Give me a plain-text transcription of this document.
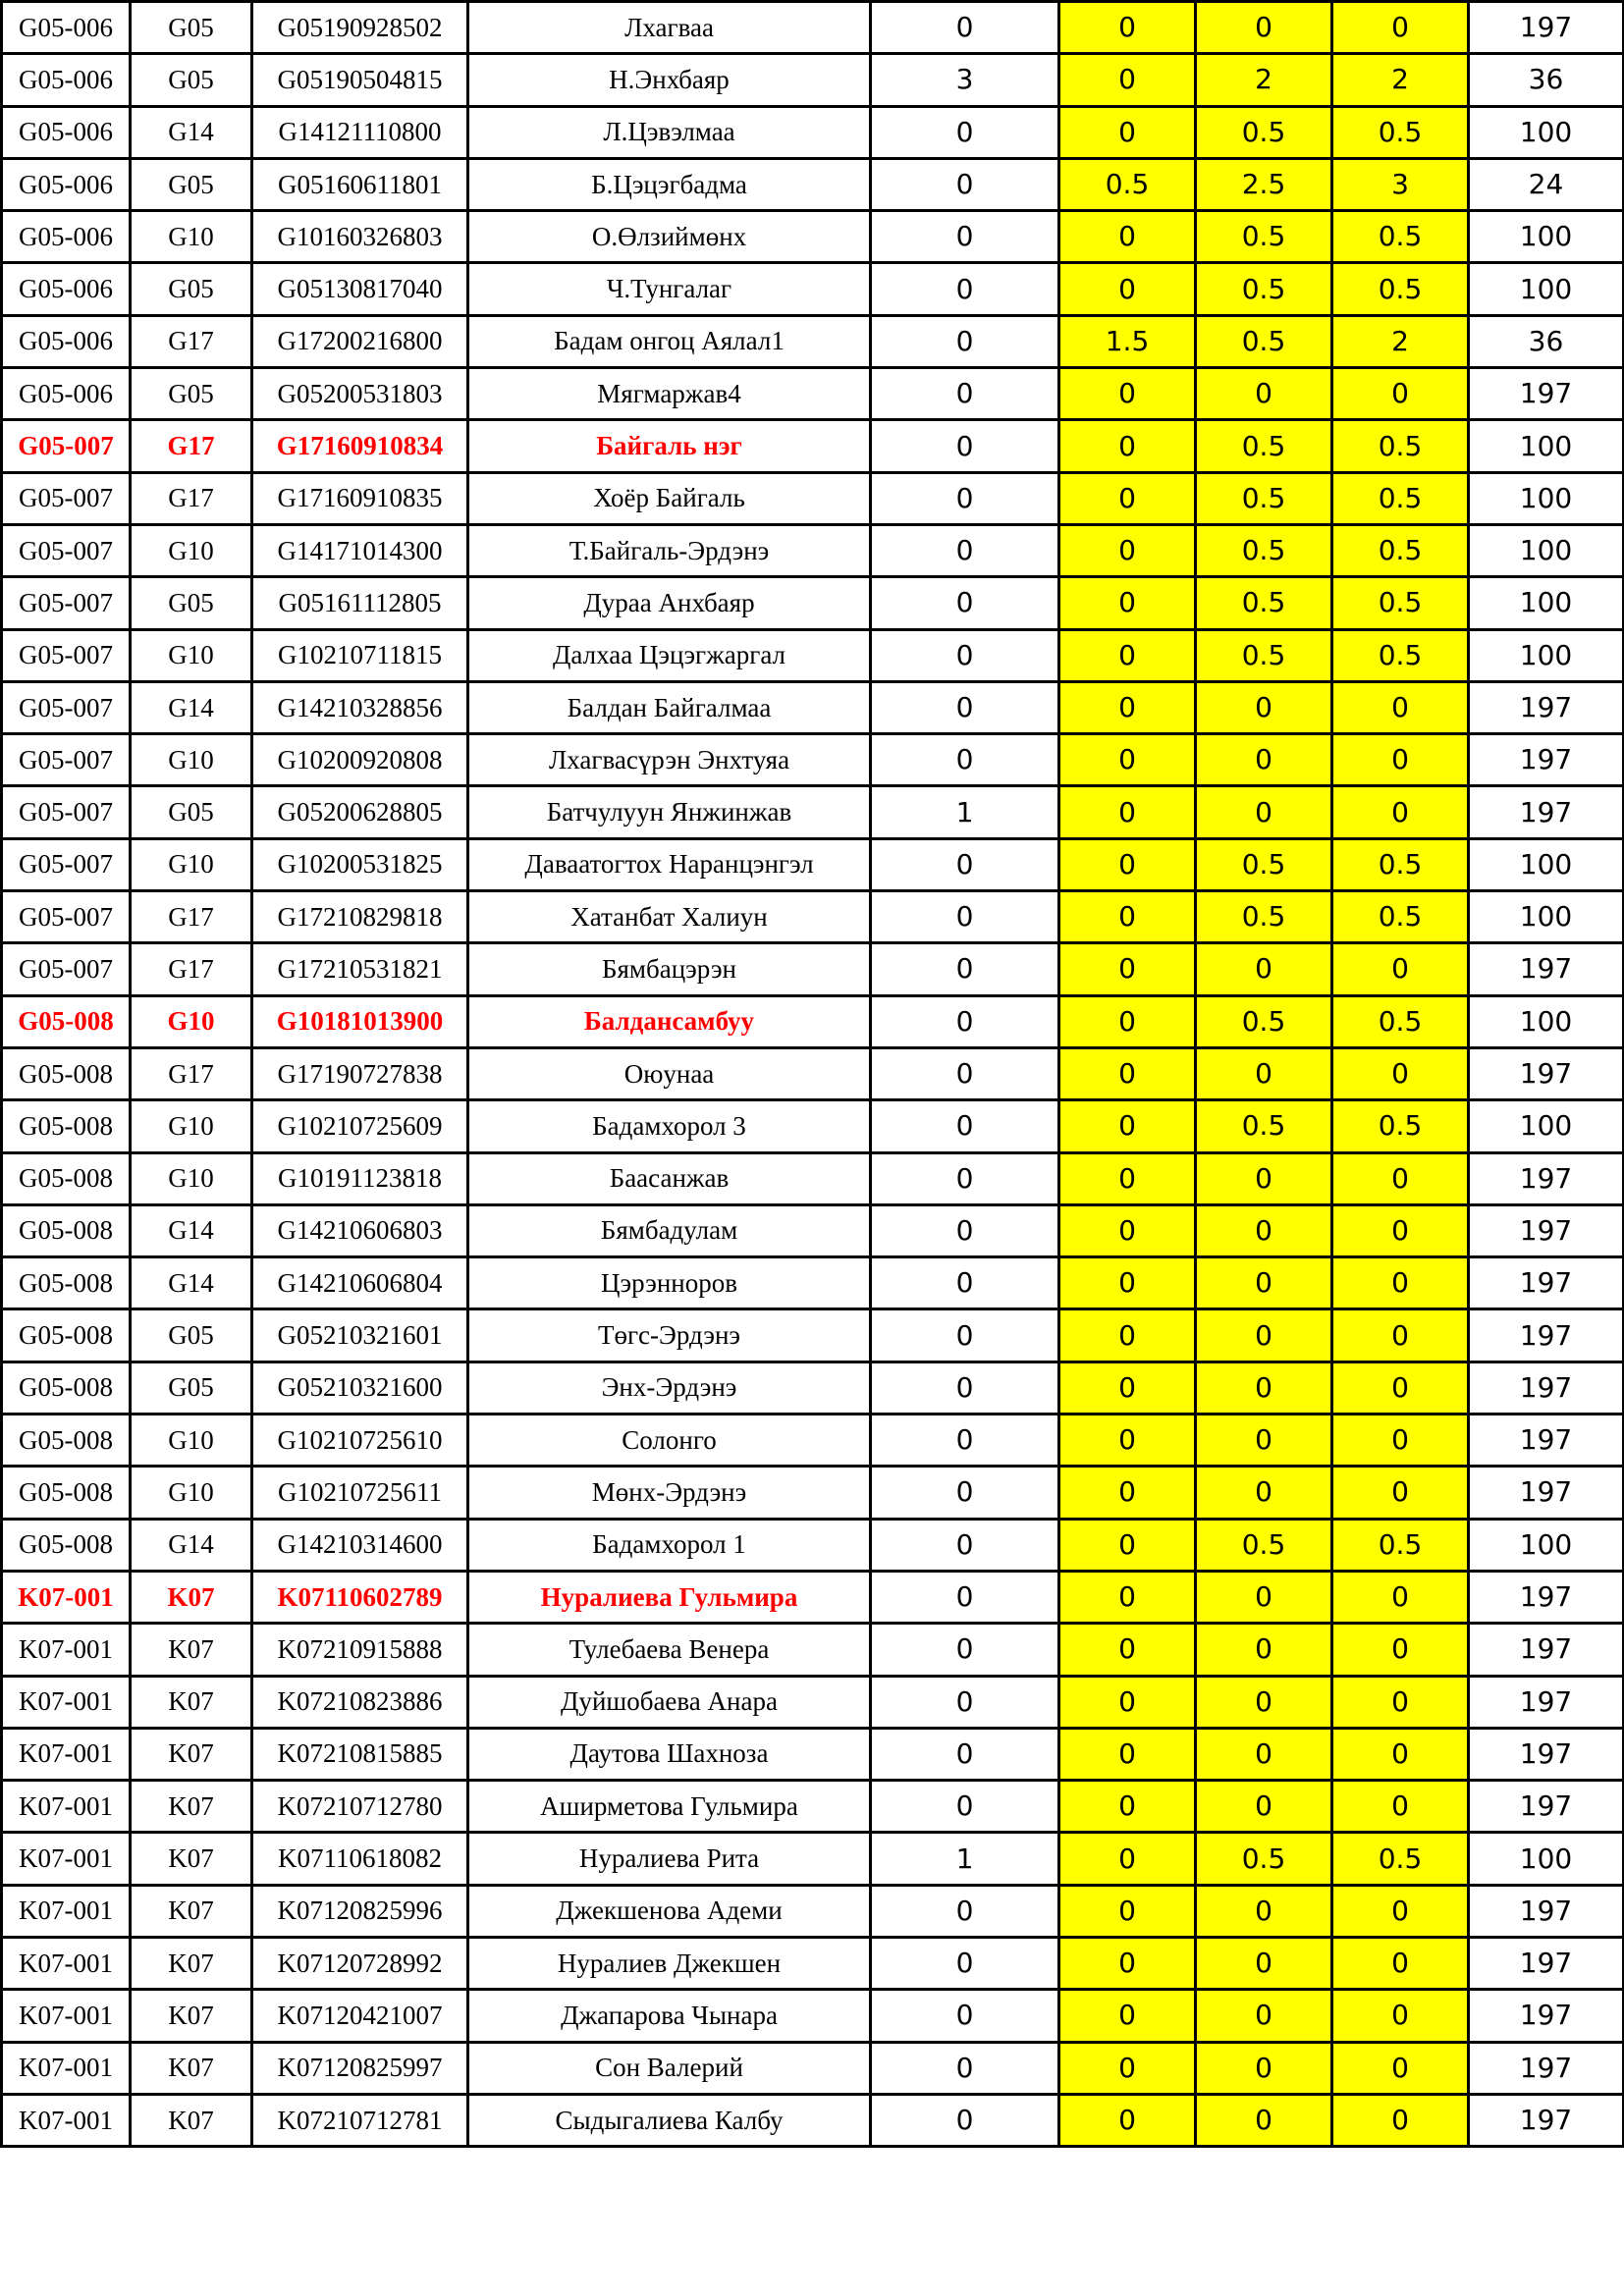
G05-006	G05	G05190928502	Лхагваа	0	0	0	0	197
G05-006	G05	G05190504815	Н.Энхбаяр	3	0	2	2	36
G05-006	G14	G14121110800	Л.Цэвэлмаа	0	0	0.5	0.5	100
G05-006	G05	G05160611801	Б.Цэцэгбадма	0	0.5	2.5	3	24
G05-006	G10	G10160326803	О.Өлзиймөнх	0	0	0.5	0.5	100
G05-006	G05	G05130817040	Ч.Тунгалаг	0	0	0.5	0.5	100
G05-006	G17	G17200216800	Бадам онгоц Аялал1	0	1.5	0.5	2	36
G05-006	G05	G05200531803	Мягмаржав4	0	0	0	0	197
G05-007	G17	G17160910834	Байгаль нэг	0	0	0.5	0.5	100
G05-007	G17	G17160910835	Хоёр Байгаль	0	0	0.5	0.5	100
G05-007	G10	G14171014300	Т.Байгаль-Эрдэнэ	0	0	0.5	0.5	100
G05-007	G05	G05161112805	Дураа Анхбаяр	0	0	0.5	0.5	100
G05-007	G10	G10210711815	Далхаа Цэцэгжаргал	0	0	0.5	0.5	100
G05-007	G14	G14210328856	Балдан Байгалмаа	0	0	0	0	197
G05-007	G10	G10200920808	Лхагвасүрэн Энхтуяа	0	0	0	0	197
G05-007	G05	G05200628805	Батчулуун Янжинжав	1	0	0	0	197
G05-007	G10	G10200531825	Даваатогтох Наранцэнгэл	0	0	0.5	0.5	100
G05-007	G17	G17210829818	Хатанбат Халиун	0	0	0.5	0.5	100
G05-007	G17	G17210531821	Бямбацэрэн	0	0	0	0	197
G05-008	G10	G10181013900	Балдансамбуу	0	0	0.5	0.5	100
G05-008	G17	G17190727838	Оюунаа	0	0	0	0	197
G05-008	G10	G10210725609	Бадамхорол 3	0	0	0.5	0.5	100
G05-008	G10	G10191123818	Баасанжав	0	0	0	0	197
G05-008	G14	G14210606803	Бямбадулам	0	0	0	0	197
G05-008	G14	G14210606804	Цэрэнноров	0	0	0	0	197
G05-008	G05	G05210321601	Төгс-Эрдэнэ	0	0	0	0	197
G05-008	G05	G05210321600	Энх-Эрдэнэ	0	0	0	0	197
G05-008	G10	G10210725610	Солонго	0	0	0	0	197
G05-008	G10	G10210725611	Мөнх-Эрдэнэ	0	0	0	0	197
G05-008	G14	G14210314600	Бадамхорол 1	0	0	0.5	0.5	100
K07-001	K07	K07110602789	Нуралиева Гульмира	0	0	0	0	197
K07-001	K07	K07210915888	Тулебаева Венера	0	0	0	0	197
K07-001	K07	K07210823886	Дуйшобаева Анара	0	0	0	0	197
K07-001	K07	K07210815885	Даутова Шахноза	0	0	0	0	197
K07-001	K07	K07210712780	Аширметова Гульмира	0	0	0	0	197
K07-001	K07	K07110618082	Нуралиева Рита	1	0	0.5	0.5	100
K07-001	K07	K07120825996	Джекшенова Адеми	0	0	0	0	197
K07-001	K07	K07120728992	Нуралиев Джекшен	0	0	0	0	197
K07-001	K07	K07120421007	Джапарова Чынара	0	0	0	0	197
K07-001	K07	K07120825997	Сон Валерий	0	0	0	0	197
K07-001	K07	K07210712781	Сыдыгалиева Калбу	0	0	0	0	197
